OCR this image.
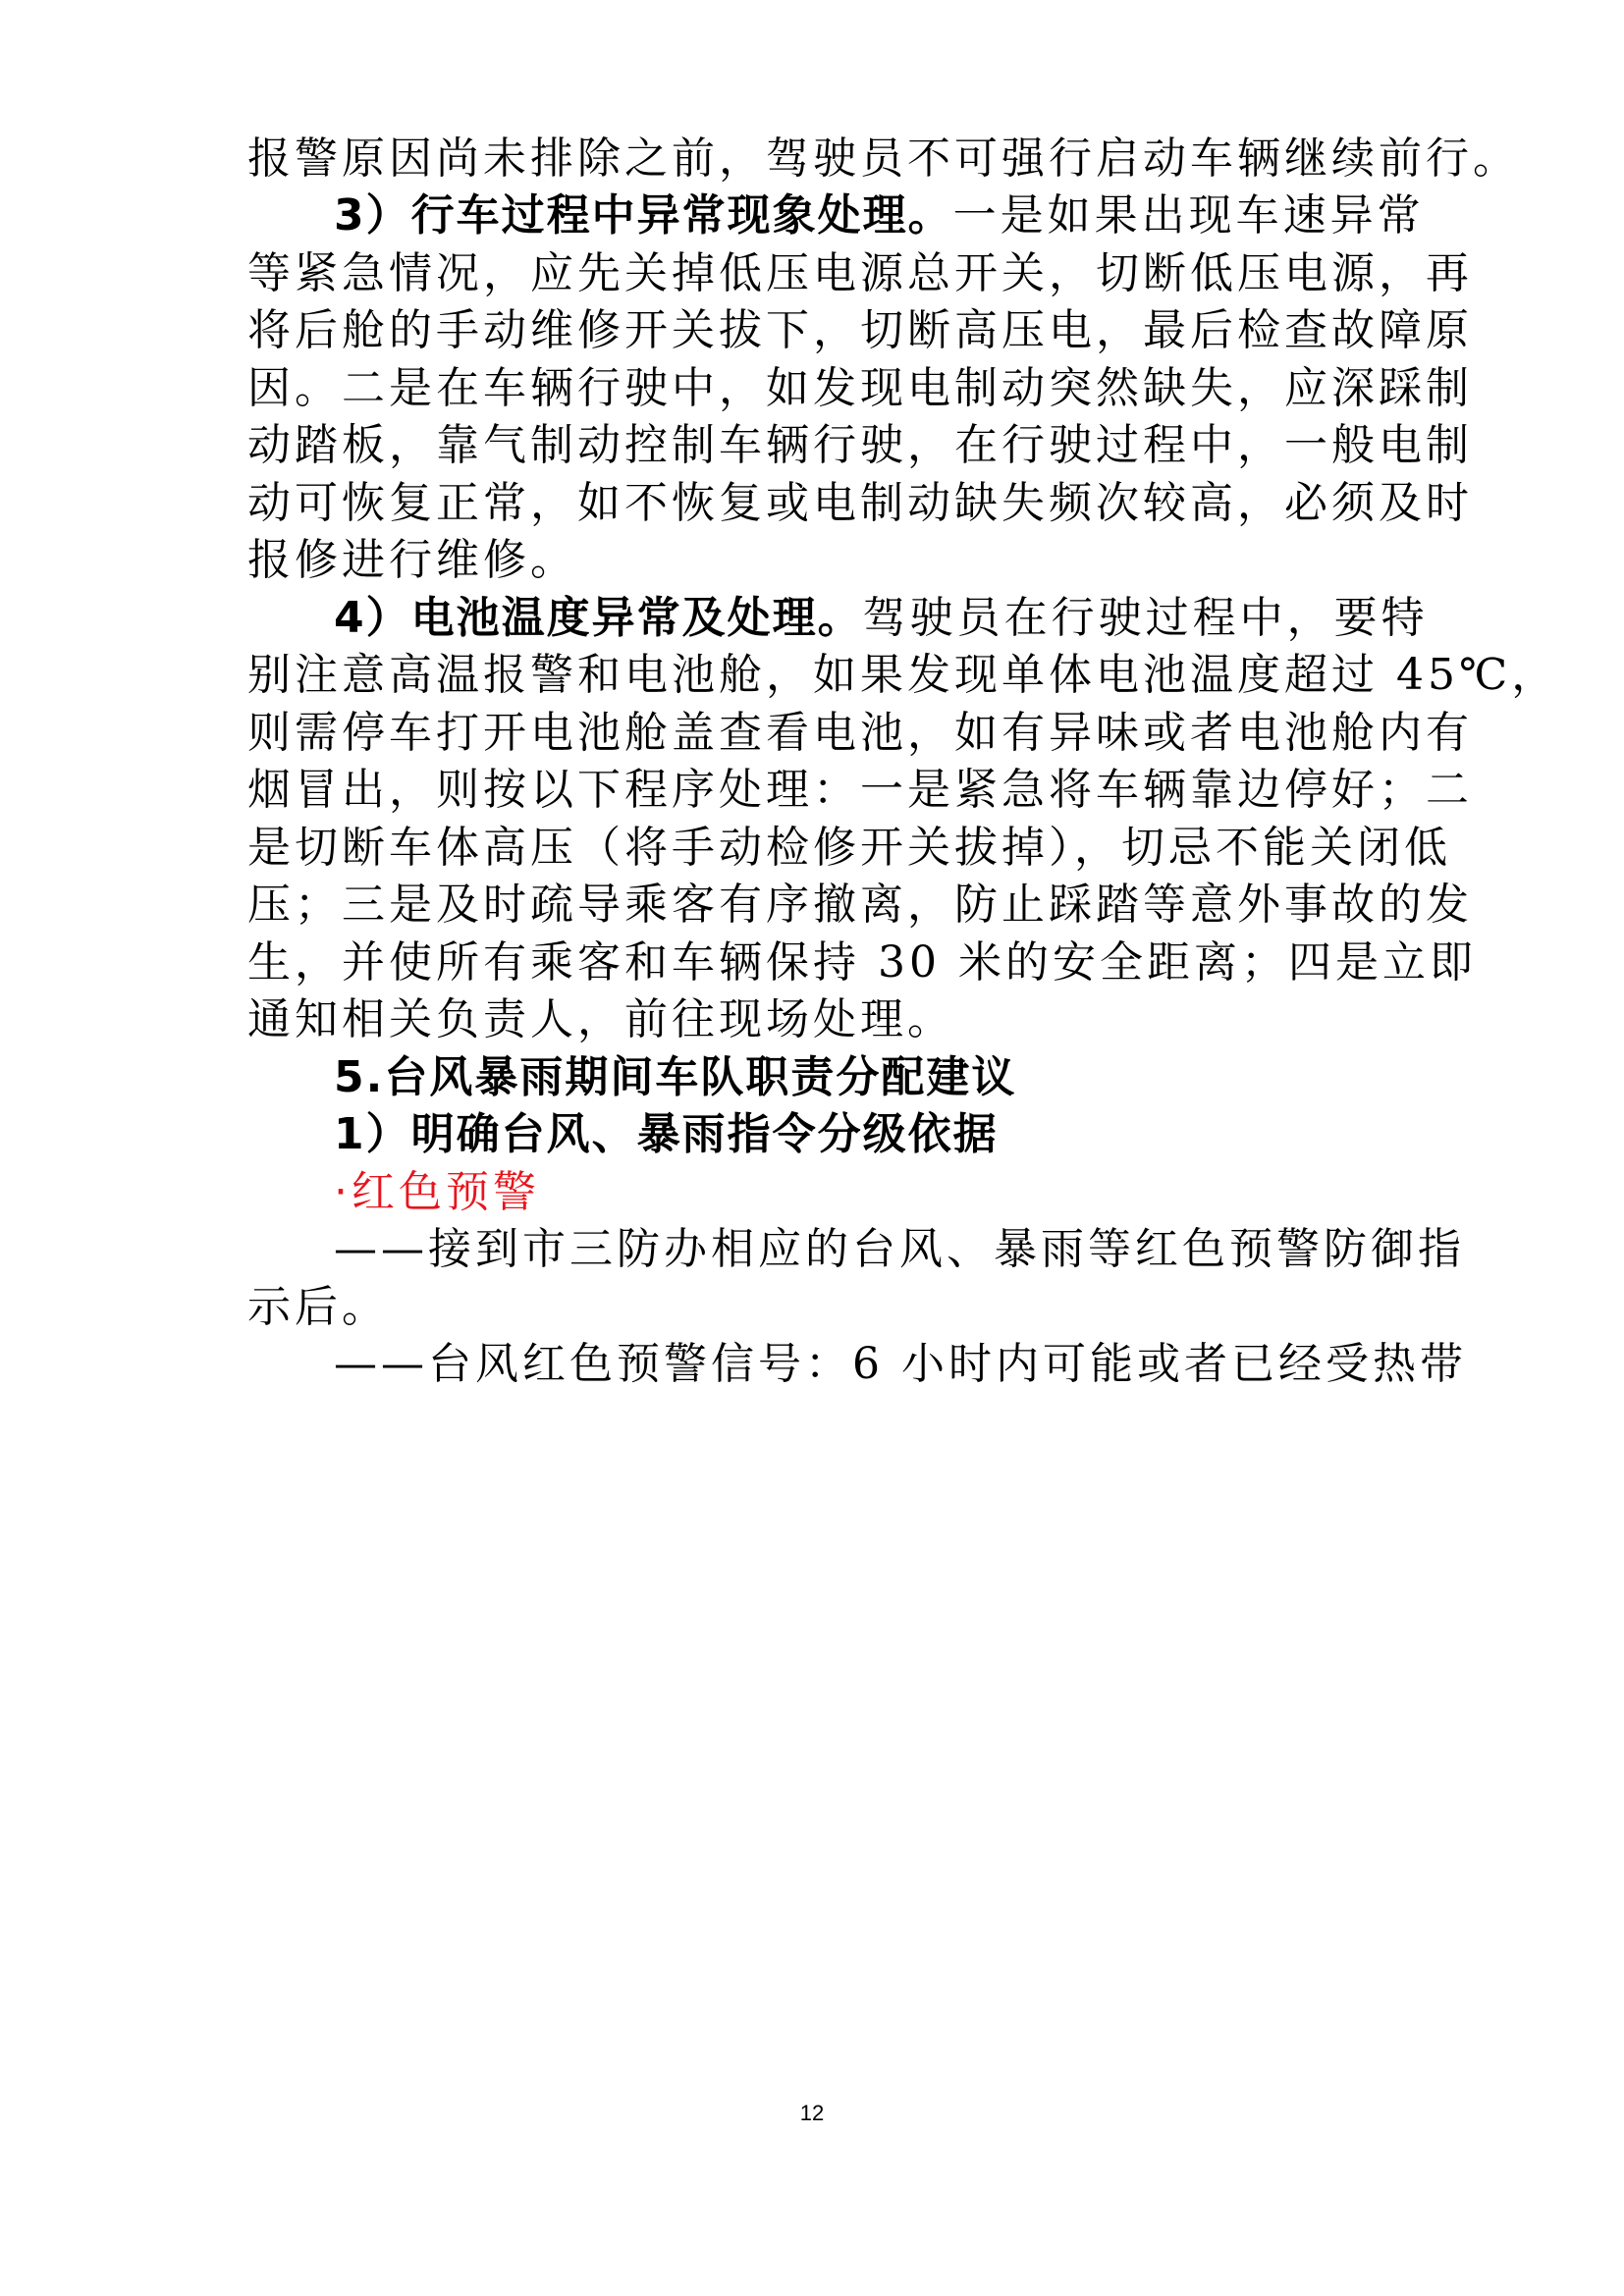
报警原因尚未排除之前，驾驶员不可强行启动车辆继续前行。
3）行车过程中异常现象处理。一是如果出现车速异常
等紧急情况，应先关掉低压电源总开关，切断低压电源，再
将后舱的手动维修开关拔下，切断高压电，最后检查故障原
因。二是在车辆行驶中，如发现电制动突然缺失，应深踩制
动踏板，靠气制动控制车辆行驶，在行驶过程中，一般电制
动可恢复正常，如不恢复或电制动缺失频次较高，必须及时
报修进行维修。
4）电池温度异常及处理。驾驶员在行驶过程中，要特
别注意高温报警和电池舱，如果发现单体电池温度超过 45℃，
则需停车打开电池舱盖查看电池，如有异味或者电池舱内有
烟冒出，则按以下程序处理：一是紧急将车辆靠边停好；二
是切断车体高压（将手动检修开关拔掉），切忌不能关闭低
压；三是及时疏导乘客有序撤离，防止踩踏等意外事故的发
生，并使所有乘客和车辆保持 30 米的安全距离；四是立即
通知相关负责人，前往现场处理。
5.台风暴雨期间车队职责分配建议
1）明确台风、暴雨指令分级依据
·红色预警
——接到市三防办相应的台风、暴雨等红色预警防御指
示后。
——台风红色预警信号：6 小时内可能或者已经受热带
12
